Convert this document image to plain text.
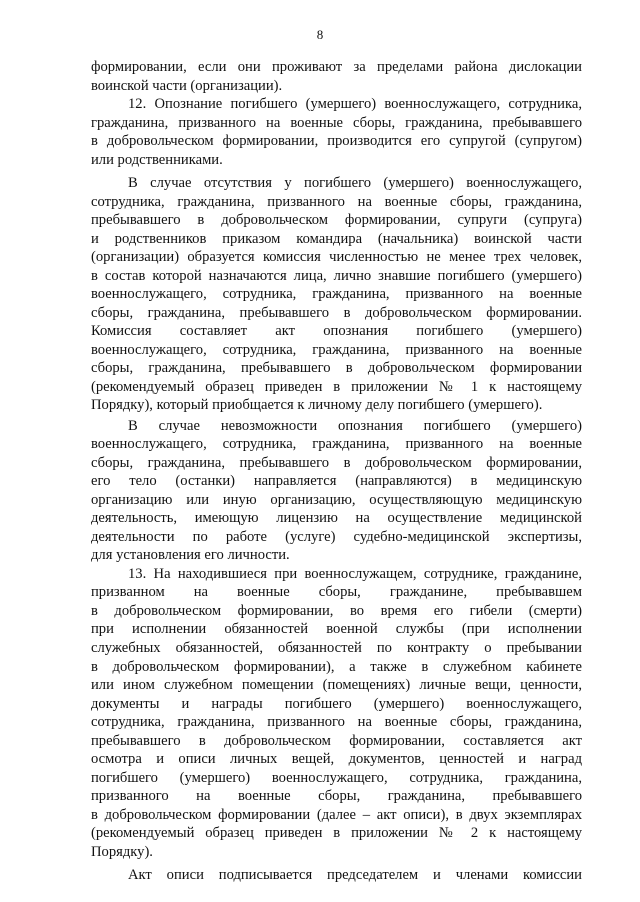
8
формировании, если они проживают за пределами района дислокации
воинской части (организации).
12. Опознание погибшего (умершего) военнослужащего, сотрудника,
гражданина, призванного на военные сборы, гражданина, пребывавшего
в добровольческом формировании, производится его супругой (супругом)
или родственниками.
В случае отсутствия у погибшего (умершего) военнослужащего,
сотрудника, гражданина, призванного на военные сборы, гражданина,
пребывавшего в добровольческом формировании, супруги (супруга)
и родственников приказом командира (начальника) воинской части
(организации) образуется комиссия численностью не менее трех человек,
в состав которой назначаются лица, лично знавшие погибшего (умершего)
военнослужащего, сотрудника, гражданина, призванного на военные
сборы, гражданина, пребывавшего в добровольческом формировании.
Комиссия составляет акт опознания погибшего (умершего)
военнослужащего, сотрудника, гражданина, призванного на военные
сборы, гражданина, пребывавшего в добровольческом формировании
(рекомендуемый образец приведен в приложении № 1 к настоящему
Порядку), который приобщается к личному делу погибшего (умершего).
В случае невозможности опознания погибшего (умершего)
военнослужащего, сотрудника, гражданина, призванного на военные
сборы, гражданина, пребывавшего в добровольческом формировании,
его тело (останки) направляется (направляются) в медицинскую
организацию или иную организацию, осуществляющую медицинскую
деятельность, имеющую лицензию на осуществление медицинской
деятельности по работе (услуге) судебно-медицинской экспертизы,
для установления его личности.
13. На находившиеся при военнослужащем, сотруднике, гражданине,
призванном на военные сборы, гражданине, пребывавшем
в добровольческом формировании, во время его гибели (смерти)
при исполнении обязанностей военной службы (при исполнении
служебных обязанностей, обязанностей по контракту о пребывании
в добровольческом формировании), а также в служебном кабинете
или ином служебном помещении (помещениях) личные вещи, ценности,
документы и награды погибшего (умершего) военнослужащего,
сотрудника, гражданина, призванного на военные сборы, гражданина,
пребывавшего в добровольческом формировании, составляется акт
осмотра и описи личных вещей, документов, ценностей и наград
погибшего (умершего) военнослужащего, сотрудника, гражданина,
призванного на военные сборы, гражданина, пребывавшего
в добровольческом формировании (далее – акт описи), в двух экземплярах
(рекомендуемый образец приведен в приложении № 2 к настоящему
Порядку).
Акт описи подписывается председателем и членами комиссии
